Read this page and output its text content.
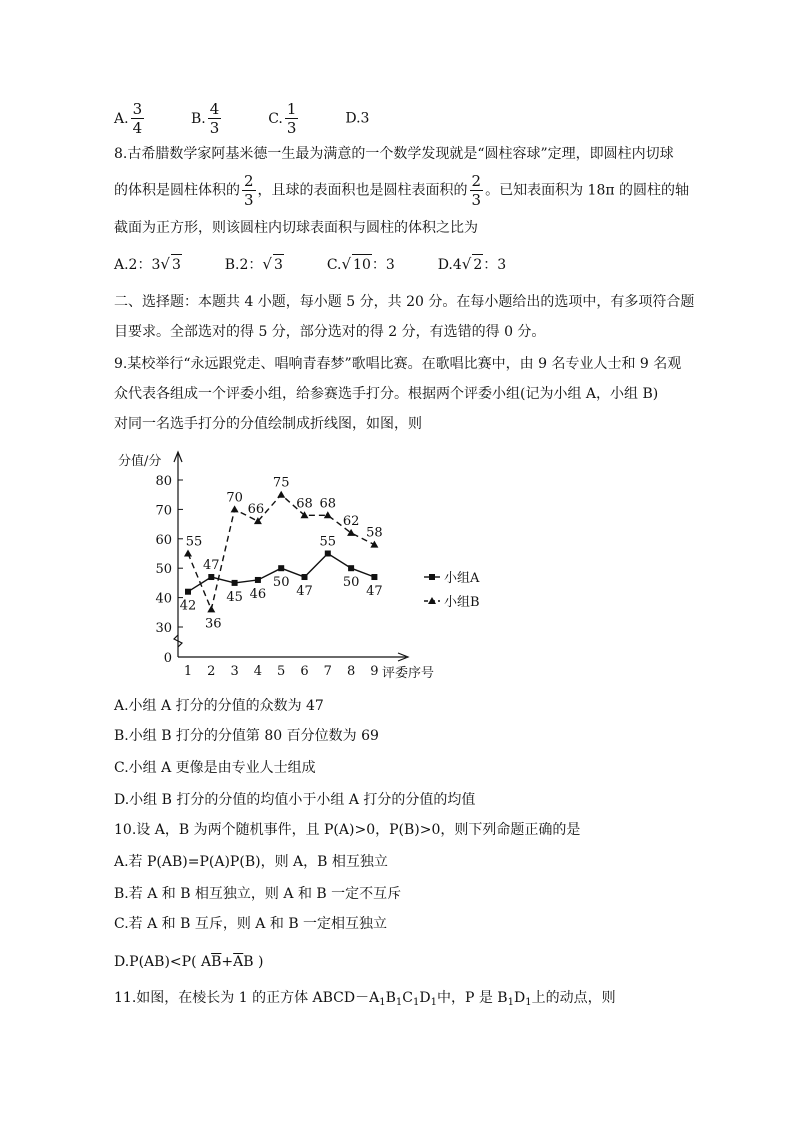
A. $\frac{3}{4}$	B. $\frac{4}{3}$	C. $\frac{1}{3}$	D.3
8.古希腊数学家阿基米德一生最为满意的一个数学发现就是“圆柱容球”定理，即圆柱内切球
的体积是圆柱体积的 $\frac{2}{3}$ ，且球的表面积也是圆柱表面积的 $\frac{2}{3}$ 。已知表面积为 18π 的圆柱的轴
截面为正方形，则该圆柱内切球表面积与圆柱的体积之比为
A.2：3√ 3	B.2：√ 3	C.√ 10：3	D.4√ 2：3
二、选择题：本题共 4 小题，每小题 5 分，共 20 分。在每小题给出的选项中，有多项符合题
目要求。全部选对的得 5 分，部分选对的得 2 分，有选错的得 0 分。
9.某校举行“永远跟党走、唱响青春梦”歌唱比赛。在歌唱比赛中，由 9 名专业人士和 9 名观
众代表各组成一个评委小组，给参赛选手打分。根据两个评委小组(记为小组 A，小组 B)
对同一名选手打分的分值绘制成折线图，如图，则
30
40
50
60
70
80
0
分值/分
评委序号
1 2 3 4 5 6 7 8 9
42
47
45 46
50
47
55
50
47
55
36
70
66
75
68 68
62
58
小组A
小组B
A.小组 A 打分的分值的众数为 47
B.小组 B 打分的分值第 80 百分位数为 69
C.小组 A 更像是由专业人士组成
D.小组 B 打分的分值的均值小于小组 A 打分的分值的均值
10.设 A，B 为两个随机事件，且 P(A)>0，P(B)>0，则下列命题正确的是
A.若 P(AB)=P(A)P(B)，则 A，B 相互独立
B.若 A 和 B 相互独立，则 A 和 B 一定不互斥
C.若 A 和 B 互斥，则 A 和 B 一定相互独立
D.P(AB)<P( $A\overline{B}+\overline{A}B$ )
11.如图，在棱长为 1 的正方体 $ABCD-A_1B_1C_1D_1$中，P 是 $B_1D_1$上的动点，则
